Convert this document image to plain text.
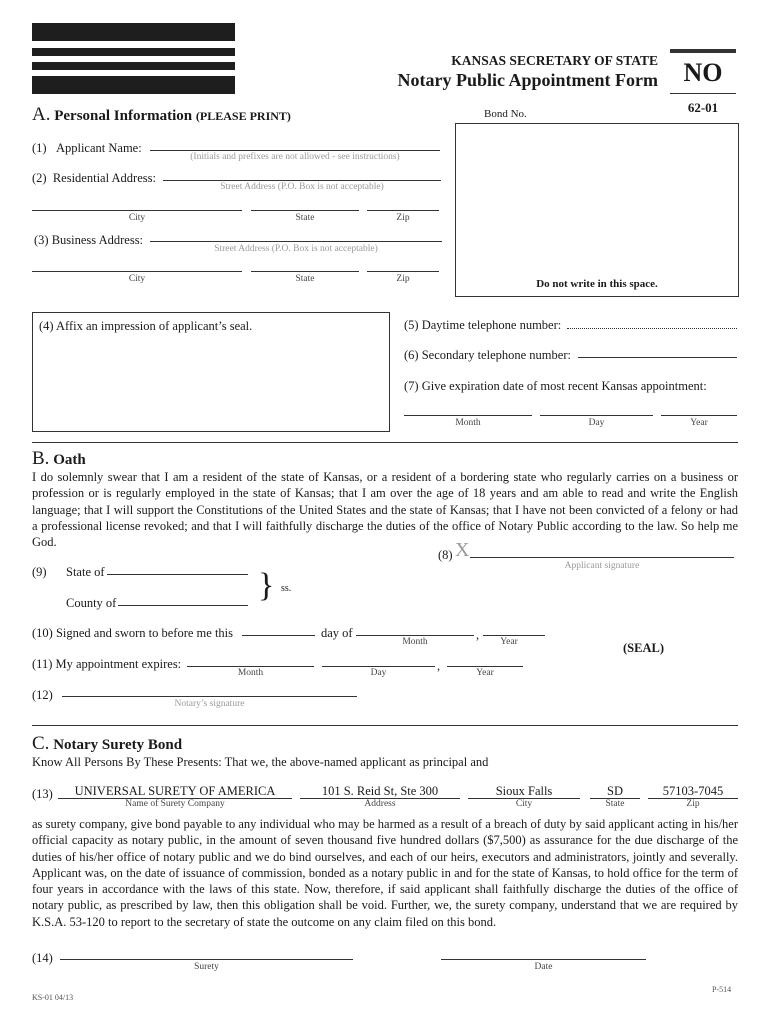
KANSAS SECRETARY OF STATE
Notary Public Appointment Form NO
62-01
A. Personal Information (PLEASE PRINT)	Bond No.
Do not write in this space.
(1) Applicant Name:
(Initials and prefixes are not allowed - see instructions)
(2) Residential Address:
Street Address (P.O. Box is not acceptable)
City	State	Zip
(3) Business Address:
Street Address (P.O. Box is not acceptable)
City	State	Zip
(4) Affix an impression of applicant’s seal.	(5) Daytime telephone number:
(6) Secondary telephone number:
(7) Give expiration date of most recent Kansas appointment:
Month	Day	Year
B. Oath
I do solemnly swear that I am a resident of the state of Kansas, or a resident of a bordering state who regularly carries on a business or profession or is regularly employed in the state of Kansas; that I am over the age of 18 years and am able to read and write the English language; that I will support the Constitutions of the United States and the state of Kansas; that I have not been convicted of a felony or had a professional license revoked; and that I will faithfully discharge the duties of the office of Notary Public according to the law. So help me God.
(8) X
Applicant signature
(9) State of
County of	} ss.
(10) Signed and sworn to before me this	day of	,
Month	Year	(SEAL)
(11) My appointment expires:	,
Month	Day	Year
(12)
Notary’s signature
C. Notary Surety Bond
Know All Persons By These Presents: That we, the above-named applicant as principal and
(13)	UNIVERSAL SURETY OF AMERICA
Name of Surety Company
101 S. Reid St, Ste 300
Address
Sioux Falls
City
SD
State
57103-7045
Zip
as surety company, give bond payable to any individual who may be harmed as a result of a breach of duty by said applicant acting in his/her official capacity as notary public, in the amount of seven thousand five hundred dollars ($7,500) as assurance for the due discharge of the duties of his/her office of notary public and we do bind ourselves, and each of our heirs, executors and administrators, jointly and severally. Applicant was, on the date of issuance of commission, bonded as a notary public in and for the state of Kansas, to hold office for the term of four years in accordance with the laws of this state. Now, therefore, if said applicant shall faithfully discharge the duties of the office of notary public, as prescribed by law, then this obligation shall be void. Further, we, the surety company, understand that we are required by K.S.A. 53-120 to report to the secretary of state the outcome on any claim filed on this bond.
(14)
Surety	Date
KS-01 04/13
P-514
